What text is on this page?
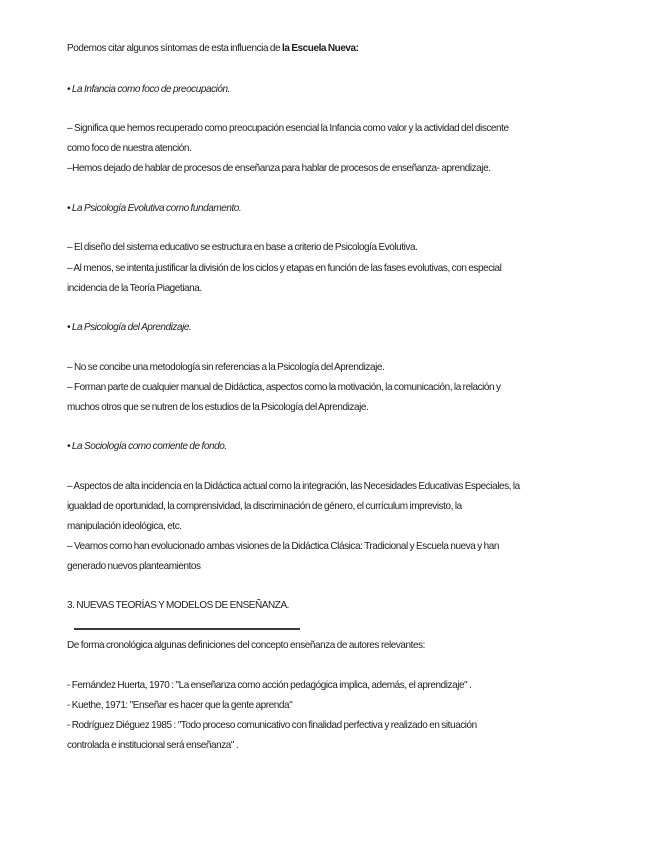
Podemos citar algunos síntomas de esta influencia de la Escuela Nueva:
• La Infancia como foco de preocupación.
– Significa que hemos recuperado como preocupación esencial la Infancia como valor y la actividad del discente
como foco de nuestra atención.
–Hemos dejado de hablar de procesos de enseñanza para hablar de procesos de enseñanza- aprendizaje.
• La Psicología Evolutiva como fundamento.
– El diseño del sistema educativo se estructura en base a criterio de Psicología Evolutiva.
– Al menos, se intenta justificar la división de los ciclos y etapas en función de las fases evolutivas, con especial
incidencia de la Teoría Piagetiana.
• La Psicología del Aprendizaje.
– No se concibe una metodología sin referencias a la Psicología del Aprendizaje.
– Forman parte de cualquier manual de Didáctica, aspectos como la motivación, la comunicación, la relación y
muchos otros que se nutren de los estudios de la Psicología del Aprendizaje.
• La Sociología como corriente de fondo.
– Aspectos de alta incidencia en la Didáctica actual como la integración, las Necesidades Educativas Especiales, la
igualdad de oportunidad, la comprensividad, la discriminación de género, el currículum imprevisto, la
manipulación ideológica, etc.
– Veamos como han evolucionado ambas visiones de la Didáctica Clásica: Tradicional y Escuela nueva y han
generado nuevos planteamientos
3. NUEVAS TEORÍAS Y MODELOS DE ENSEÑANZA.
De forma cronológica algunas definiciones del concepto enseñanza de autores relevantes:
- Fernández Huerta, 1970 : "La enseñanza como acción pedagógica implica, además, el aprendizaje" .
- Kuethe, 1971: "Enseñar es hacer que la gente aprenda"
- Rodríguez Diéguez 1985 : "Todo proceso comunicativo con finalidad perfectiva y realizado en situación
controlada e institucional será enseñanza" .
